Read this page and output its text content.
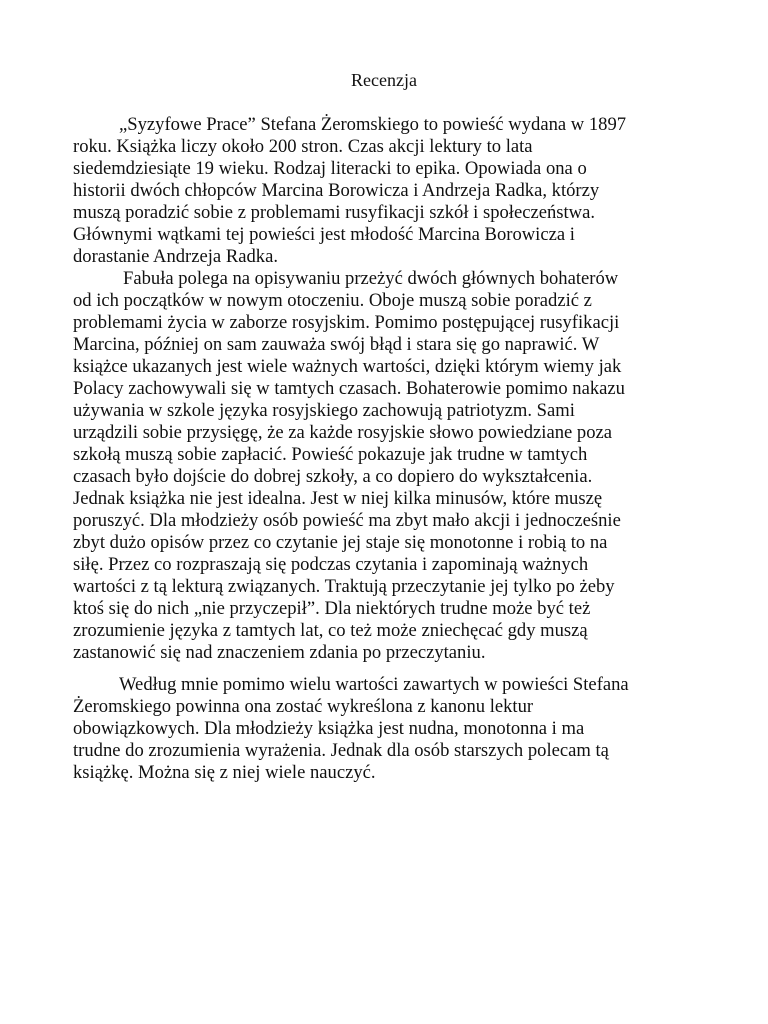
Recenzja
„Syzyfowe Prace” Stefana Żeromskiego to powieść wydana w 1897
roku. Książka liczy około 200 stron. Czas akcji lektury to lata
siedemdziesiąte 19 wieku. Rodzaj literacki to epika. Opowiada ona o
historii dwóch chłopców Marcina Borowicza i Andrzeja Radka, którzy
muszą poradzić sobie z problemami rusyfikacji szkół i społeczeństwa.
Głównymi wątkami tej powieści jest młodość Marcina Borowicza i
dorastanie Andrzeja Radka.
Fabuła polega na opisywaniu przeżyć dwóch głównych bohaterów
od ich początków w nowym otoczeniu. Oboje muszą sobie poradzić z
problemami życia w zaborze rosyjskim. Pomimo postępującej rusyfikacji
Marcina, później on sam zauważa swój błąd i stara się go naprawić. W
książce ukazanych jest wiele ważnych wartości, dzięki którym wiemy jak
Polacy zachowywali się w tamtych czasach. Bohaterowie pomimo nakazu
używania w szkole języka rosyjskiego zachowują patriotyzm. Sami
urządzili sobie przysięgę, że za każde rosyjskie słowo powiedziane poza
szkołą muszą sobie zapłacić. Powieść pokazuje jak trudne w tamtych
czasach było dojście do dobrej szkoły, a co dopiero do wykształcenia.
Jednak książka nie jest idealna. Jest w niej kilka minusów, które muszę
poruszyć. Dla młodzieży osób powieść ma zbyt mało akcji i jednocześnie
zbyt dużo opisów przez co czytanie jej staje się monotonne i robią to na
siłę. Przez co rozpraszają się podczas czytania i zapominają ważnych
wartości z tą lekturą związanych. Traktują przeczytanie jej tylko po żeby
ktoś się do nich „nie przyczepił”. Dla niektórych trudne może być też
zrozumienie języka z tamtych lat, co też może zniechęcać gdy muszą
zastanowić się nad znaczeniem zdania po przeczytaniu.
Według mnie pomimo wielu wartości zawartych w powieści Stefana
Żeromskiego powinna ona zostać wykreślona z kanonu lektur
obowiązkowych. Dla młodzieży książka jest nudna, monotonna i ma
trudne do zrozumienia wyrażenia. Jednak dla osób starszych polecam tą
książkę. Można się z niej wiele nauczyć.
